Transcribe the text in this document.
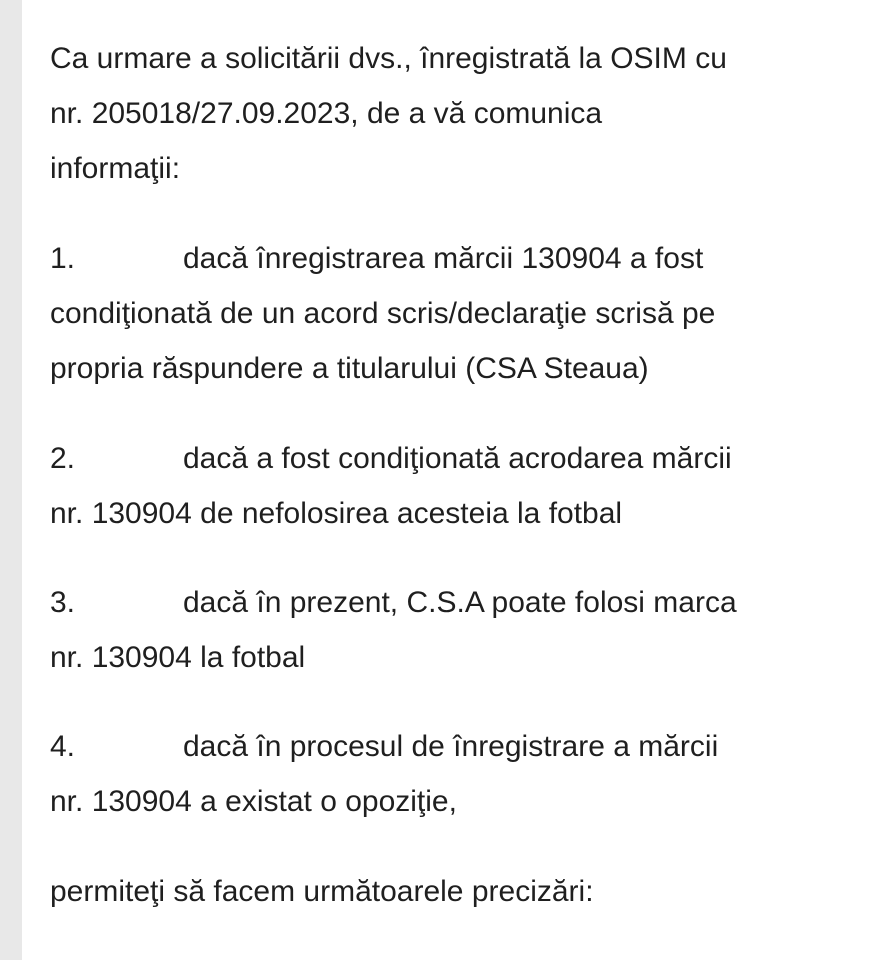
Ca urmare a solicitării dvs., înregistrată la OSIM cu

nr. 205018/27.09.2023, de a vă comunica

informaţii:

1.	dacă înregistrarea mărcii 130904 a fost

condiţionată de un acord scris/declaraţie scrisă pe

propria răspundere a titularului (CSA Steaua)

2.	dacă a fost condiţionată acrodarea mărcii

nr. 130904 de nefolosirea acesteia la fotbal

3.	dacă în prezent, C.S.A poate folosi marca

nr. 130904 la fotbal

4.	dacă în procesul de înregistrare a mărcii

nr. 130904 a existat o opoziţie,

permiteţi să facem următoarele precizări:
